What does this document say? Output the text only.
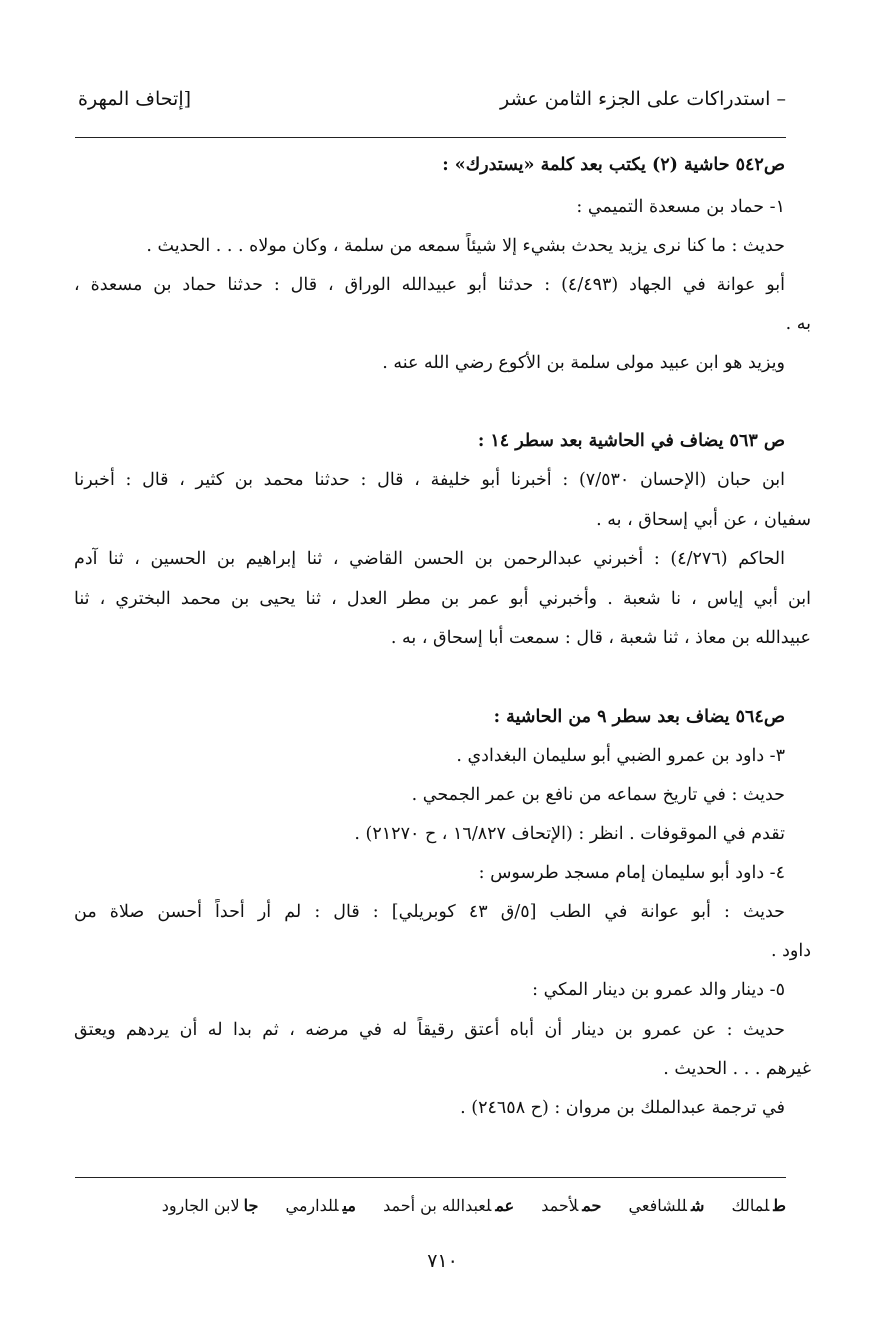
– استدراكات على الجزء الثامن عشر
[إتحاف المهرة
ص٥٤٢ حاشية (٢) يكتب بعد كلمة «يستدرك» :
١ً- حماد بن مسعدة التميمي :
حديث : ما كنا نرى يزيد يحدث بشيء إلا شيئاً سمعه من سلمة ، وكان مولاه . . . الحديث .
أبو عوانة في الجهاد (٤/٤٩٣) : حدثنا أبو عبيدالله الوراق ، قال : حدثنا حماد بن مسعدة ،
به .
ويزيد هو ابن عبيد مولى سلمة بن الأكوع رضي الله عنه .
ص ٥٦٣ يضاف في الحاشية بعد سطر ١٤ :
ابن حبان (الإحسان ٧/٥٣٠) : أخبرنا أبو خليفة ، قال : حدثنا محمد بن كثير ، قال : أخبرنا
سفيان ، عن أبي إسحاق ، به .
الحاكم (٤/٢٧٦) : أخبرني عبدالرحمن بن الحسن القاضي ، ثنا إبراهيم بن الحسين ، ثنا آدم
ابن أبي إياس ، نا شعبة . وأخبرني أبو عمر بن مطر العدل ، ثنا يحيى بن محمد البختري ، ثنا
عبيدالله بن معاذ ، ثنا شعبة ، قال : سمعت أبا إسحاق ، به .
ص٥٦٤ يضاف بعد سطر ٩ من الحاشية :
٣ً- داود بن عمرو الضبي أبو سليمان البغدادي .
حديث : في تاريخ سماعه من نافع بن عمر الجمحي .
تقدم في الموقوفات . انظر : (الإتحاف ١٦/٨٢٧ ، ح ٢١٢٧٠) .
٤ً- داود أبو سليمان إمام مسجد طرسوس :
حديث : أبو عوانة في الطب [٥/ق ٤٣ كوبريلي] : قال : لم أر أحداً أحسن صلاة من
داود .
٥ً- دينار والد عمرو بن دينار المكي :
حديث : عن عمرو بن دينار أن أباه أعتق رقيقاً له في مرضه ، ثم بدا له أن يردهم ويعتق
غيرهم . . . الحديث .
في ترجمة عبدالملك بن مروان : (ح ٢٤٦٥٨) .
طلمالك شللشافعي حملأحمد عملعبدالله بن أحمد ميللدارمي جالابن الجارود
٧١٠
